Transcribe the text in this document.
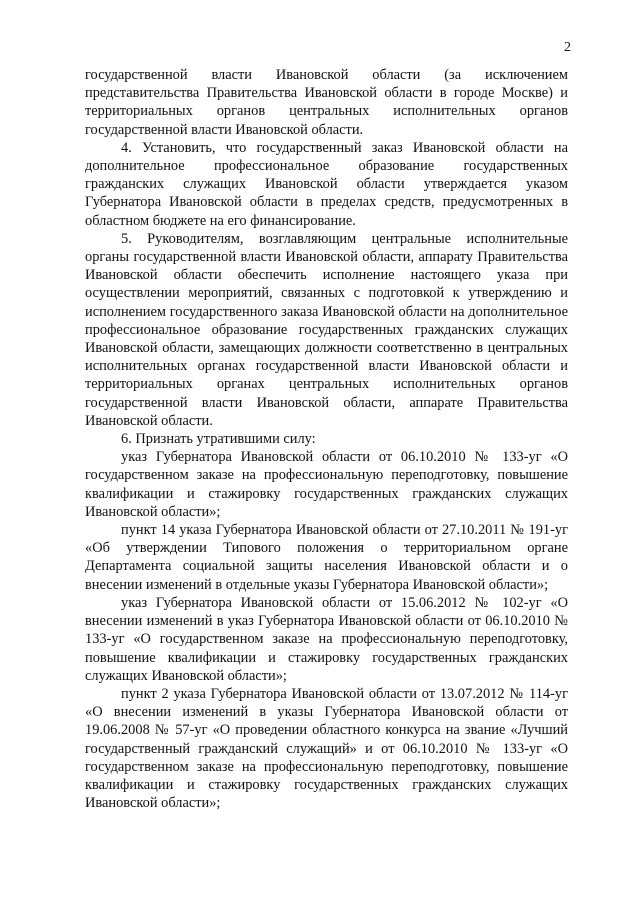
2

государственной власти Ивановской области (за исключением представительства Правительства Ивановской области в городе Москве) и территориальных органов центральных исполнительных органов государственной власти Ивановской области.

4. Установить, что государственный заказ Ивановской области на дополнительное профессиональное образование государственных гражданских служащих Ивановской области утверждается указом Губернатора Ивановской области в пределах средств, предусмотренных в областном бюджете на его финансирование.

5. Руководителям, возглавляющим центральные исполнительные органы государственной власти Ивановской области, аппарату Правительства Ивановской области обеспечить исполнение настоящего указа при осуществлении мероприятий, связанных с подготовкой к утверждению и исполнением государственного заказа Ивановской области на дополнительное профессиональное образование государственных гражданских служащих Ивановской области, замещающих должности соответственно в центральных исполнительных органах государственной власти Ивановской области и территориальных органах центральных исполнительных органов государственной власти Ивановской области, аппарате Правительства Ивановской области.

6. Признать утратившими силу:

указ Губернатора Ивановской области от 06.10.2010 № 133-уг «О государственном заказе на профессиональную переподготовку, повышение квалификации и стажировку государственных гражданских служащих Ивановской области»;

пункт 14 указа Губернатора Ивановской области от 27.10.2011 № 191-уг «Об утверждении Типового положения о территориальном органе Департамента социальной защиты населения Ивановской области и о внесении изменений в отдельные указы Губернатора Ивановской области»;

указ Губернатора Ивановской области от 15.06.2012 № 102-уг «О внесении изменений в указ Губернатора Ивановской области от 06.10.2010 № 133-уг «О государственном заказе на профессиональную переподготовку, повышение квалификации и стажировку государственных гражданских служащих Ивановской области»;

пункт 2 указа Губернатора Ивановской области от 13.07.2012 № 114-уг «О внесении изменений в указы Губернатора Ивановской области от 19.06.2008 № 57-уг «О проведении областного конкурса на звание «Лучший государственный гражданский служащий» и от 06.10.2010 № 133-уг «О государственном заказе на профессиональную переподготовку, повышение квалификации и стажировку государственных гражданских служащих Ивановской области»;
